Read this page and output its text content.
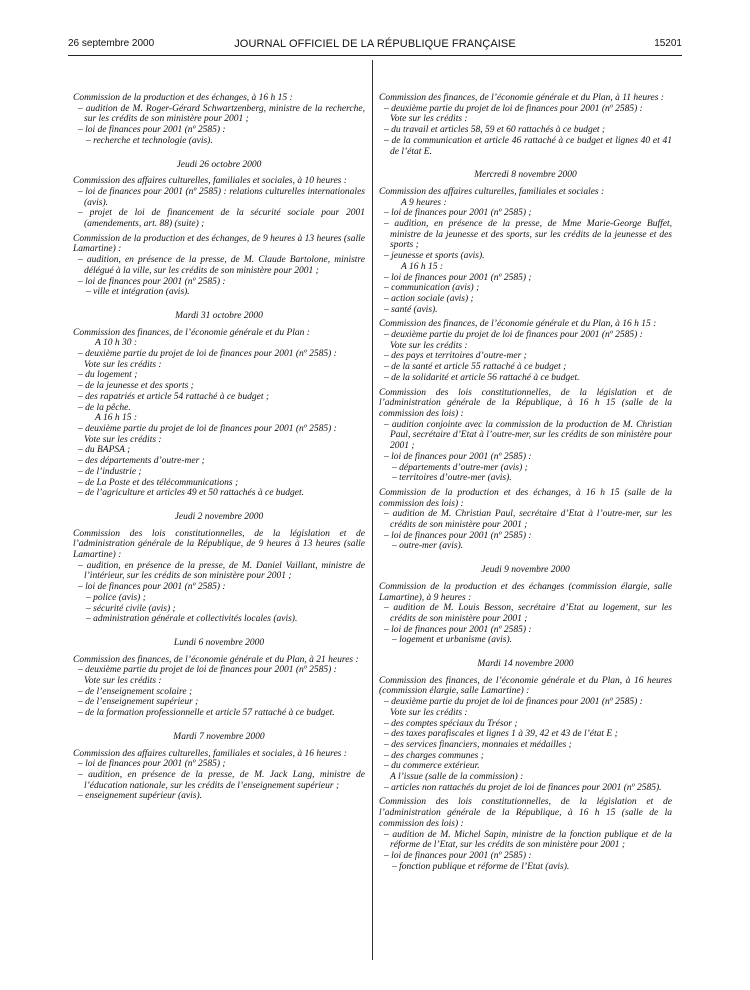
26 septembre 2000	JOURNAL OFFICIEL DE LA RÉPUBLIQUE FRANÇAISE	15201

Commission de la production et des échanges, à 16 h 15 :

– audition de M. Roger-Gérard Schwartzenberg, ministre de la recherche, sur les crédits de son ministère pour 2001 ;

– loi de finances pour 2001 (nº 2585) :

– recherche et technologie (avis).

Jeudi 26 octobre 2000

Commission des affaires culturelles, familiales et sociales, à 10 heures :

– loi de finances pour 2001 (nº 2585) : relations culturelles internationales (avis).

– projet de loi de financement de la sécurité sociale pour 2001 (amendements, art. 88) (suite) ;

Commission de la production et des échanges, de 9 heures à 13 heures (salle Lamartine) :

– audition, en présence de la presse, de M. Claude Bartolone, ministre délégué à la ville, sur les crédits de son ministère pour 2001 ;

– loi de finances pour 2001 (nº 2585) :

– ville et intégration (avis).

Mardi 31 octobre 2000

Commission des finances, de l’économie générale et du Plan :

A 10 h 30 :

– deuxième partie du projet de loi de finances pour 2001 (nº 2585) :

Vote sur les crédits :

– du logement ;

– de la jeunesse et des sports ;

– des rapatriés et article 54 rattaché à ce budget ;

– de la pêche.

A 16 h 15 :

– deuxième partie du projet de loi de finances pour 2001 (nº 2585) :

Vote sur les crédits :

– du BAPSA ;

– des départements d’outre-mer ;

– de l’industrie ;

– de La Poste et des télécommunications ;

– de l’agriculture et articles 49 et 50 rattachés à ce budget.

Jeudi 2 novembre 2000

Commission des lois constitutionnelles, de la législation et de l’administration générale de la République, de 9 heures à 13 heures (salle Lamartine) :

– audition, en présence de la presse, de M. Daniel Vaillant, ministre de l’intérieur, sur les crédits de son ministère pour 2001 ;

– loi de finances pour 2001 (nº 2585) :

– police (avis) ;

– sécurité civile (avis) ;

– administration générale et collectivités locales (avis).

Lundi 6 novembre 2000

Commission des finances, de l’économie générale et du Plan, à 21 heures :

– deuxième partie du projet de loi de finances pour 2001 (nº 2585) :

Vote sur les crédits :

– de l’enseignement scolaire ;

– de l’enseignement supérieur ;

– de la formation professionnelle et article 57 rattaché à ce budget.

Mardi 7 novembre 2000

Commission des affaires culturelles, familiales et sociales, à 16 heures :

– loi de finances pour 2001 (nº 2585) ;

– audition, en présence de la presse, de M. Jack Lang, ministre de l’éducation nationale, sur les crédits de l’enseignement supérieur ;

– enseignement supérieur (avis).

Commission des finances, de l’économie générale et du Plan, à 11 heures :

– deuxième partie du projet de loi de finances pour 2001 (nº 2585) :

Vote sur les crédits :

– du travail et articles 58, 59 et 60 rattachés à ce budget ;

– de la communication et article 46 rattaché à ce budget et lignes 40 et 41 de l’état E.

Mercredi 8 novembre 2000

Commission des affaires culturelles, familiales et sociales :

A 9 heures :

– loi de finances pour 2001 (nº 2585) ;

– audition, en présence de la presse, de Mme Marie-George Buffet, ministre de la jeunesse et des sports, sur les crédits de la jeunesse et des sports ;

– jeunesse et sports (avis).

A 16 h 15 :

– loi de finances pour 2001 (nº 2585) ;

– communication (avis) ;

– action sociale (avis) ;

– santé (avis).

Commission des finances, de l’économie générale et du Plan, à 16 h 15 :

– deuxième partie du projet de loi de finances pour 2001 (nº 2585) :

Vote sur les crédits :

– des pays et territoires d’outre-mer ;

– de la santé et article 55 rattaché à ce budget ;

– de la solidarité et article 56 rattaché à ce budget.

Commission des lois constitutionnelles, de la législation et de l’administration générale de la République, à 16 h 15 (salle de la commission des lois) :

– audition conjointe avec la commission de la production de M. Christian Paul, secrétaire d’Etat à l’outre-mer, sur les crédits de son ministère pour 2001 ;

– loi de finances pour 2001 (nº 2585) :

– départements d’outre-mer (avis) ;

– territoires d’outre-mer (avis).

Commission de la production et des échanges, à 16 h 15 (salle de la commission des lois) :

– audition de M. Christian Paul, secrétaire d’Etat à l’outre-mer, sur les crédits de son ministère pour 2001 ;

– loi de finances pour 2001 (nº 2585) :

– outre-mer (avis).

Jeudi 9 novembre 2000

Commission de la production et des échanges (commission élargie, salle Lamartine), à 9 heures :

– audition de M. Louis Besson, secrétaire d’Etat au logement, sur les crédits de son ministère pour 2001 ;

– loi de finances pour 2001 (nº 2585) :

– logement et urbanisme (avis).

Mardi 14 novembre 2000

Commission des finances, de l’économie générale et du Plan, à 16 heures (commission élargie, salle Lamartine) :

– deuxième partie du projet de loi de finances pour 2001 (nº 2585) :

Vote sur les crédits :

– des comptes spéciaux du Trésor ;

– des taxes parafiscales et lignes 1 à 39, 42 et 43 de l’état E ;

– des services financiers, monnaies et médailles ;

– des charges communes ;

– du commerce extérieur.

A l’issue (salle de la commission) :

– articles non rattachés du projet de loi de finances pour 2001 (nº 2585).

Commission des lois constitutionnelles, de la législation et de l’administration générale de la République, à 16 h 15 (salle de la commission des lois) :

– audition de M. Michel Sapin, ministre de la fonction publique et de la réforme de l’Etat, sur les crédits de son ministère pour 2001 ;

– loi de finances pour 2001 (nº 2585) :

– fonction publique et réforme de l’Etat (avis).
